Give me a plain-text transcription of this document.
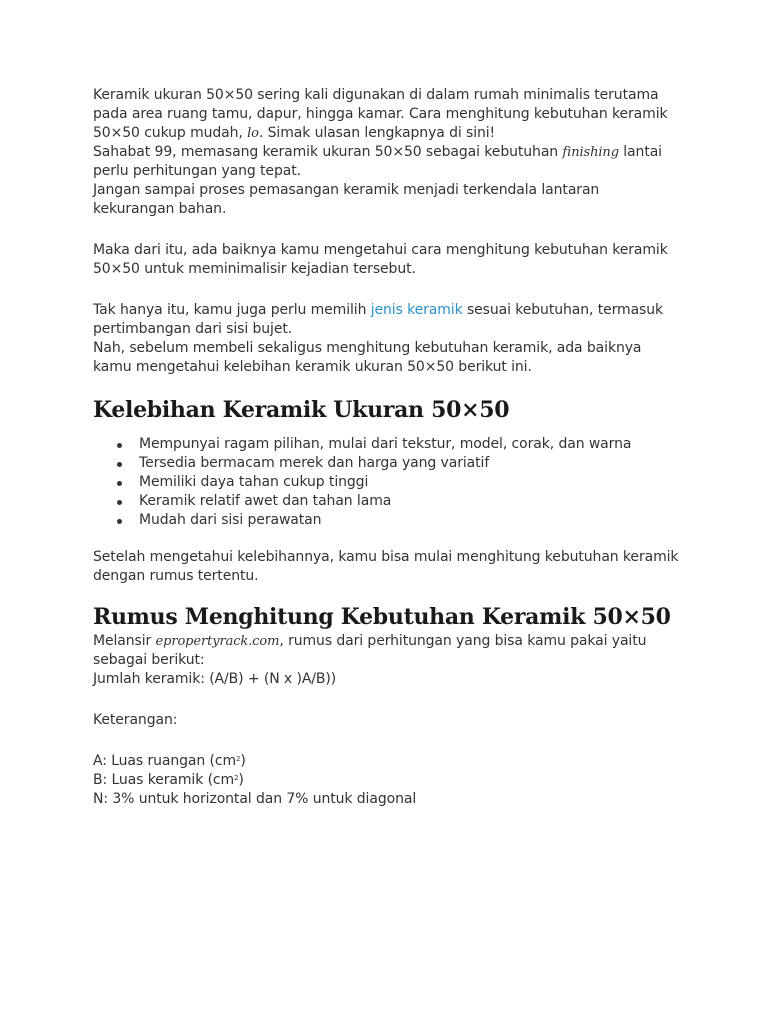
Keramik ukuran 50×50 sering kali digunakan di dalam rumah minimalis terutama pada area ruang tamu, dapur, hingga kamar. Cara menghitung kebutuhan keramik 50×50 cukup mudah, lo. Simak ulasan lengkapnya di sini!

Sahabat 99, memasang keramik ukuran 50×50 sebagai kebutuhan finishing lantai perlu perhitungan yang tepat.

Jangan sampai proses pemasangan keramik menjadi terkendala lantaran kekurangan bahan.

Maka dari itu, ada baiknya kamu mengetahui cara menghitung kebutuhan keramik 50×50 untuk meminimalisir kejadian tersebut.

Tak hanya itu, kamu juga perlu memilih jenis keramik sesuai kebutuhan, termasuk pertimbangan dari sisi bujet.

Nah, sebelum membeli sekaligus menghitung kebutuhan keramik, ada baiknya kamu mengetahui kelebihan keramik ukuran 50×50 berikut ini.

Kelebihan Keramik Ukuran 50×50
Mempunyai ragam pilihan, mulai dari tekstur, model, corak, dan warna
Tersedia bermacam merek dan harga yang variatif
Memiliki daya tahan cukup tinggi
Keramik relatif awet dan tahan lama
Mudah dari sisi perawatan

Setelah mengetahui kelebihannya, kamu bisa mulai menghitung kebutuhan keramik dengan rumus tertentu.

Rumus Menghitung Kebutuhan Keramik 50×50

Melansir epropertyrack.com, rumus dari perhitungan yang bisa kamu pakai yaitu sebagai berikut:

Jumlah keramik: (A/B) + (N x )A/B))

Keterangan:

A: Luas ruangan $(cm^2)$

B: Luas keramik $(cm^2)$

N: 3% untuk horizontal dan 7% untuk diagonal
